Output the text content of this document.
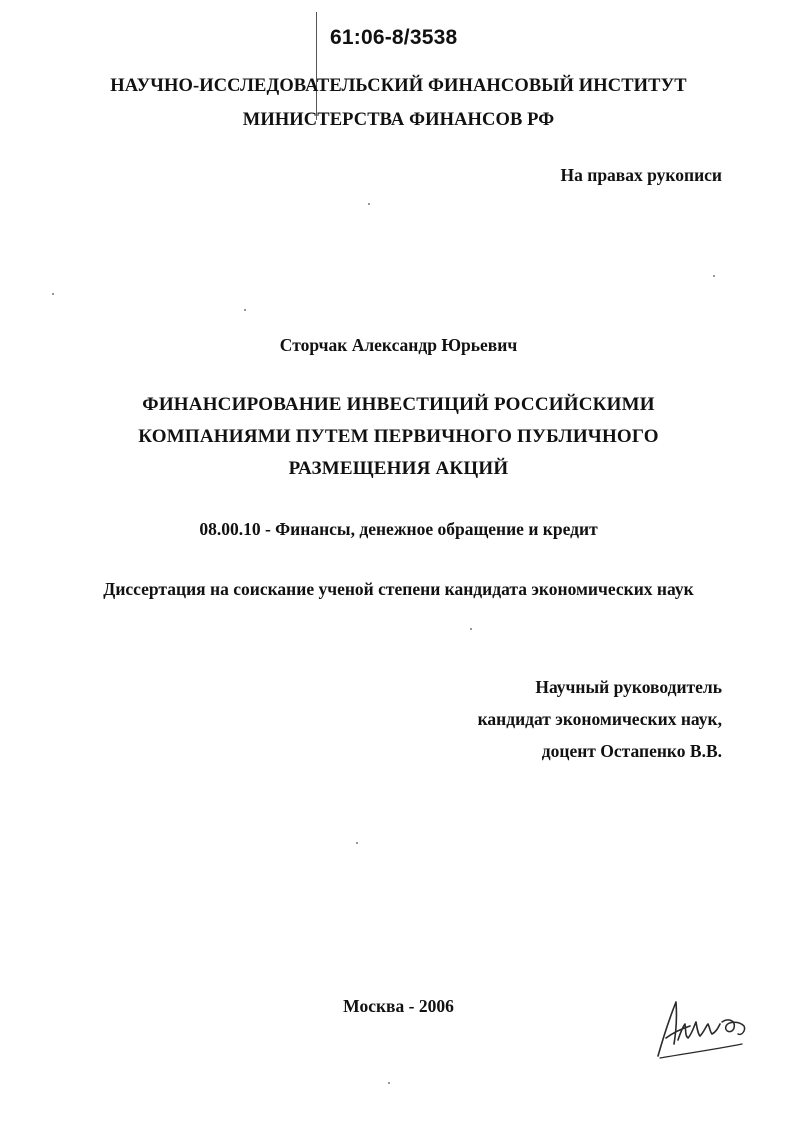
61:06-8/3538
НАУЧНО-ИССЛЕДОВАТЕЛЬСКИЙ ФИНАНСОВЫЙ ИНСТИТУТ
МИНИСТЕРСТВА ФИНАНСОВ РФ
На правах рукописи
Сторчак Александр Юрьевич
ФИНАНСИРОВАНИЕ ИНВЕСТИЦИЙ РОССИЙСКИМИ
КОМПАНИЯМИ ПУТЕМ ПЕРВИЧНОГО ПУБЛИЧНОГО
РАЗМЕЩЕНИЯ АКЦИЙ
08.00.10 - Финансы, денежное обращение и кредит
Диссертация на соискание ученой степени кандидата экономических наук
Научный руководитель
кандидат экономических наук,
доцент Остапенко В.В.
Москва - 2006
